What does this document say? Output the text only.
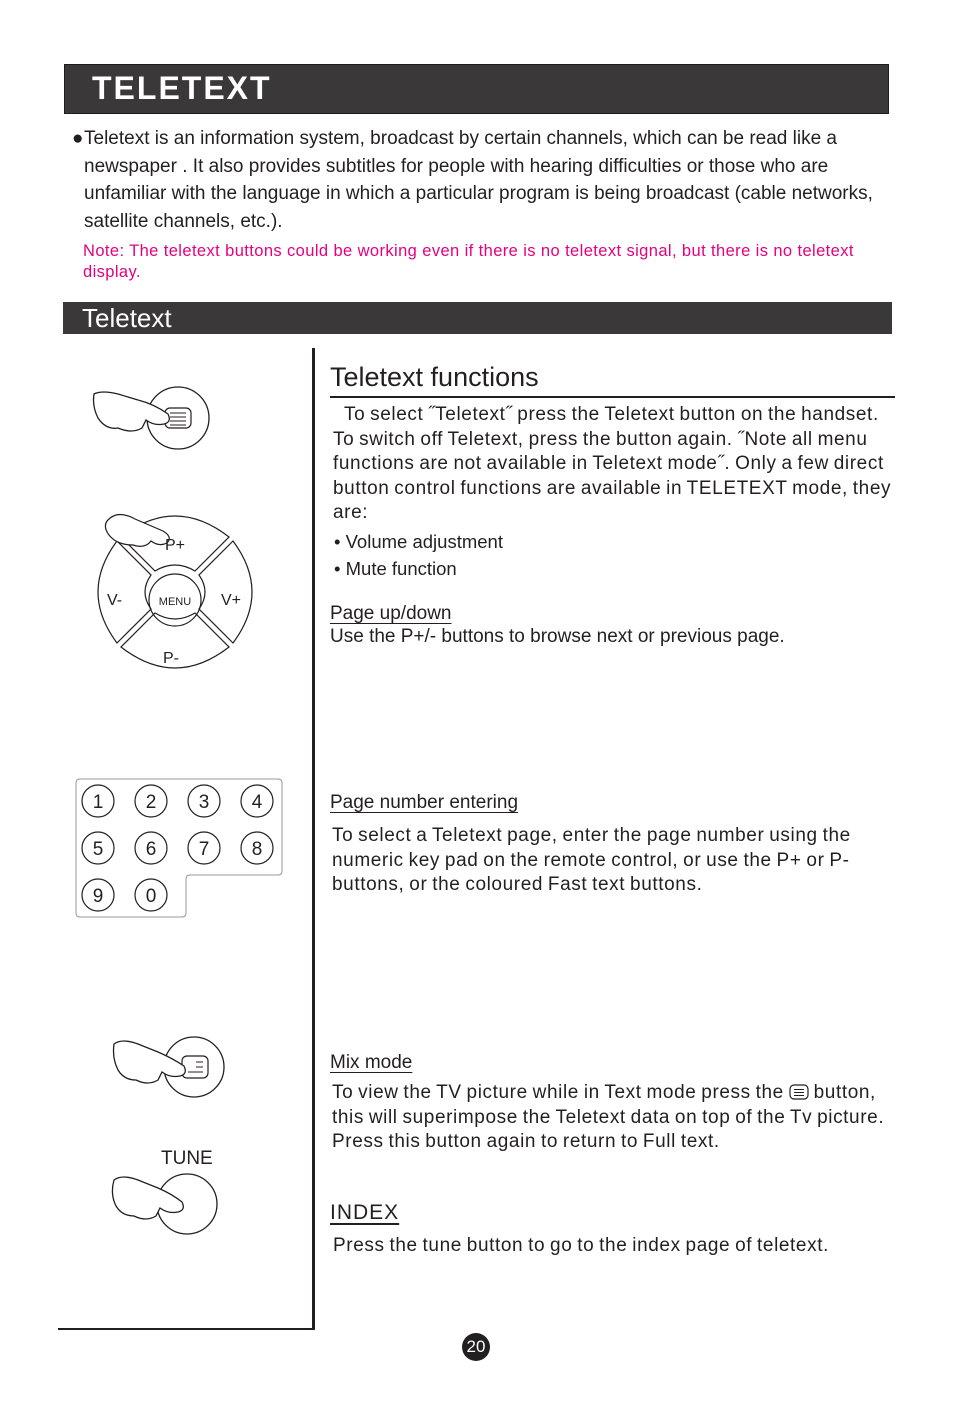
TELETEXT
● Teletext is an information system, broadcast by certain channels, which can be read like a newspaper . It also provides subtitles for people with hearing difficulties or those who are unfamiliar with the language in which a particular program is being broadcast (cable networks, satellite channels, etc.).
Note: The teletext buttons could be working even if there is no teletext signal, but there is no teletext display.
Teletext
Teletext functions
To select ˝Teletext˝ press the Teletext button on the handset. To switch off Teletext, press the button again. ˝Note all menu functions are not available in Teletext mode˝. Only a few direct button control functions are available in TELETEXT mode, they are:
• Volume adjustment
• Mute function
Page up/down
Use the P+/- buttons to browse next or previous page.
Page number entering
To select a Teletext page, enter the page number using the numeric key pad on the remote control, or use the P+ or P- buttons, or the coloured Fast text buttons.
Mix mode
To view the TV picture while in Text mode press the button, this will superimpose the Teletext data on top of the Tv picture. Press this button again to return to Full text.
INDEX
Press the tune button to go to the index page of teletext.
P+
P-
V-	V+
MENU
1 2 3 4
5 6 7 8
9 0
TUNE
20
